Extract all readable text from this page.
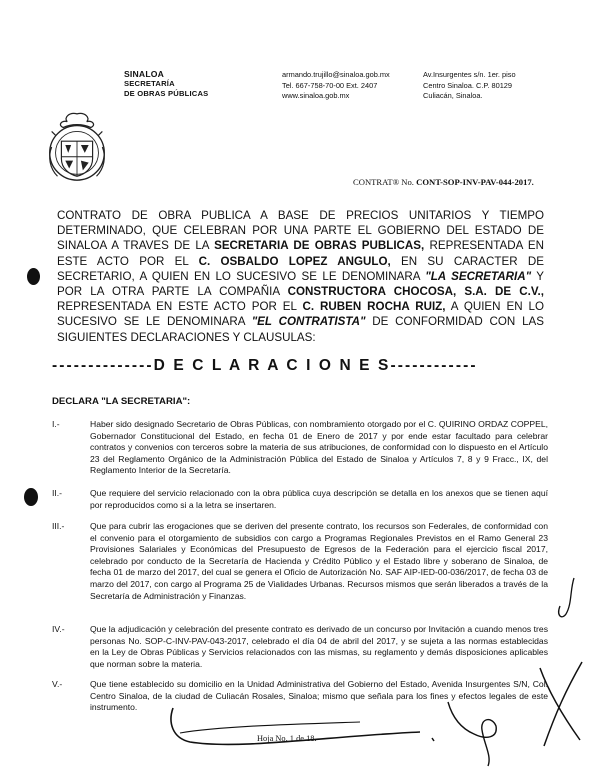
SINALOA
SECRETARÍA
DE OBRAS PÚBLICAS
armando.trujillo@sinaloa.gob.mx
Tel. 667-758-70-00 Ext. 2407
www.sinaloa.gob.mx
Av.Insurgentes s/n. 1er. piso
Centro Sinaloa. C.P. 80129
Culiacán, Sinaloa.
CONTRAT® No. CONT-SOP-INV-PAV-044-2017.
CONTRATO DE OBRA PUBLICA A BASE DE PRECIOS UNITARIOS Y TIEMPO DETERMINADO, QUE CELEBRAN POR UNA PARTE EL GOBIERNO DEL ESTADO DE SINALOA A TRAVES DE LA SECRETARIA DE OBRAS PUBLICAS, REPRESENTADA EN ESTE ACTO POR EL C. OSBALDO LOPEZ ANGULO, EN SU CARACTER DE SECRETARIO, A QUIEN EN LO SUCESIVO SE LE DENOMINARA "LA SECRETARIA" Y POR LA OTRA PARTE LA COMPAÑIA CONSTRUCTORA CHOCOSA, S.A. DE C.V., REPRESENTADA EN ESTE ACTO POR EL C. RUBEN ROCHA RUIZ, A QUIEN EN LO SUCESIVO SE LE DENOMINARA "EL CONTRATISTA" DE CONFORMIDAD CON LAS SIGUIENTES DECLARACIONES Y CLAUSULAS:
--------------D E C L A R A C I O N E S------------
DECLARA "LA SECRETARIA":
I.-	Haber sido designado Secretario de Obras Públicas, con nombramiento otorgado por el C. QUIRINO ORDAZ COPPEL, Gobernador Constitucional del Estado, en fecha 01 de Enero de 2017 y por ende estar facultado para celebrar contratos y convenios con terceros sobre la materia de sus atribuciones, de conformidad con lo dispuesto en el Artículo 23 del Reglamento Orgánico de la Administración Pública del Estado de Sinaloa y Artículos 7, 8 y 9 Fracc., IX, del Reglamento Interior de la Secretaría.
II.-	Que requiere del servicio relacionado con la obra pública cuya descripción se detalla en los anexos que se tienen aquí por reproducidos como si a la letra se insertaren.
III.-	Que para cubrir las erogaciones que se deriven del presente contrato, los recursos son Federales, de conformidad con el convenio para el otorgamiento de subsidios con cargo a Programas Regionales Previstos en el Ramo General 23 Provisiones Salariales y Económicas del Presupuesto de Egresos de la Federación para el ejercicio fiscal 2017, celebrado por conducto de la Secretaría de Hacienda y Crédito Público y el Estado libre y soberano de Sinaloa, de fecha 01 de marzo del 2017, del cual se genera el Oficio de Autorización No. SAF AIP-IED-00-036/2017, de fecha 03 de marzo del 2017, con cargo al Programa 25 de Vialidades Urbanas. Recursos mismos que serán liberados a través de la Secretaría de Administración y Finanzas.
IV.-	Que la adjudicación y celebración del presente contrato es derivado de un concurso por Invitación a cuando menos tres personas No. SOP-C-INV-PAV-043-2017, celebrado el día 04 de abril del 2017, y se sujeta a las normas establecidas en la Ley de Obras Públicas y Servicios relacionados con las mismas, su reglamento y demás disposiciones aplicables que norman sobre la materia.
V.-	Que tiene establecido su domicilio en la Unidad Administrativa del Gobierno del Estado, Avenida Insurgentes S/N, Col. Centro Sinaloa, de la ciudad de Culiacán Rosales, Sinaloa; mismo que señala para los fines y efectos legales de este instrumento.
Hoja No. 1 de 18.-
